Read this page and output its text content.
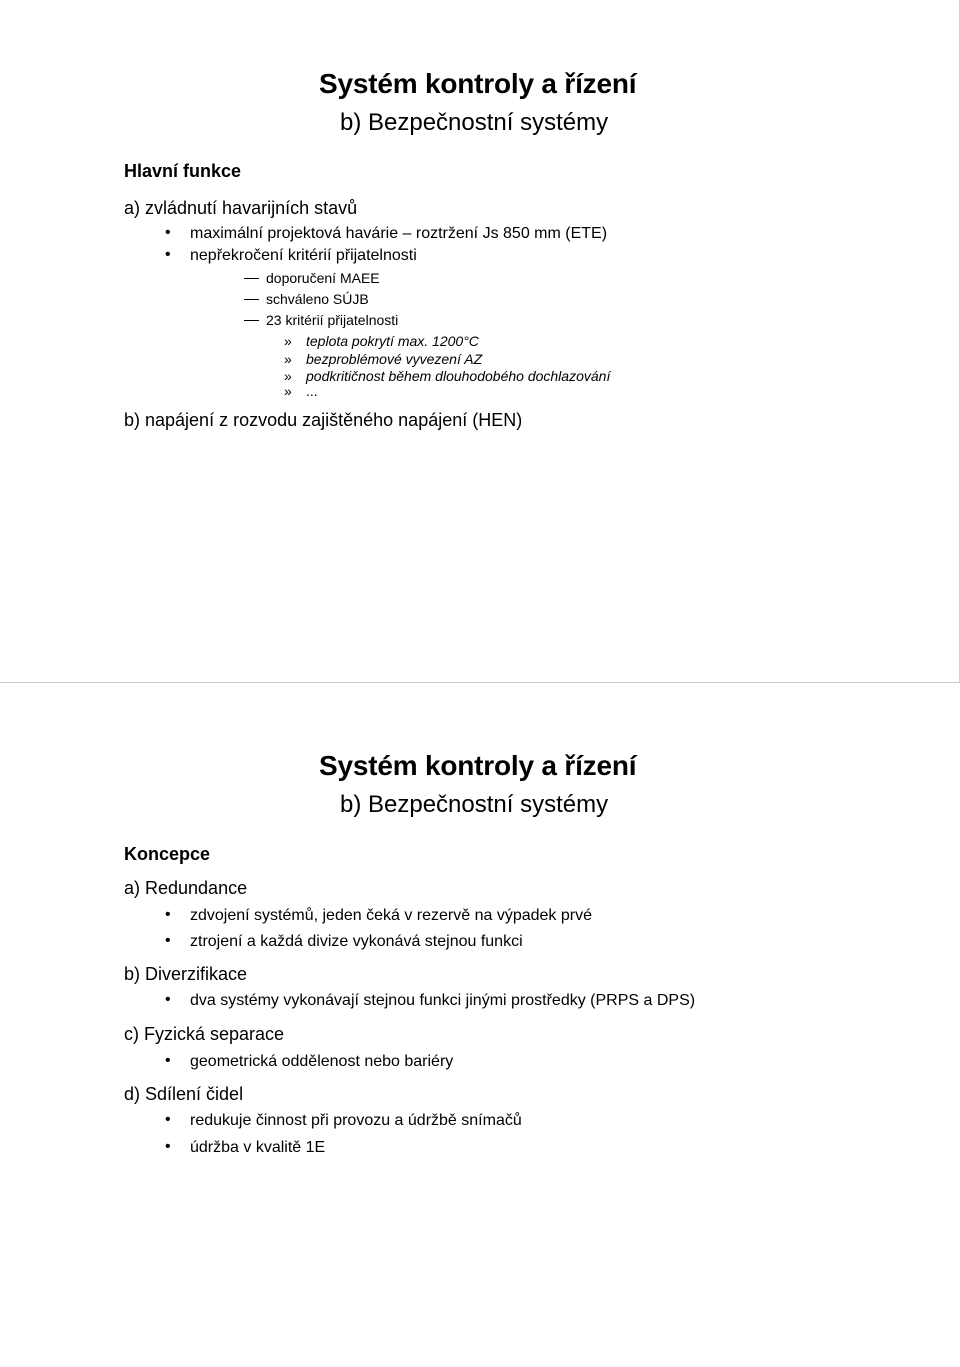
Systém kontroly a řízení
b) Bezpečnostní systémy
Hlavní funkce
a) zvládnutí havarijních stavů
• maximální projektová havárie – roztržení Js 850 mm (ETE)
• nepřekročení kritérií přijatelnosti
doporučení MAEE
schváleno SÚJB
23 kritérií přijatelnosti
» teplota pokrytí max. 1200°C
» bezproblémové vyvezení AZ
» podkritičnost během dlouhodobého dochlazování
» ...
b) napájení z rozvodu zajištěného napájení (HEN)
Systém kontroly a řízení
b) Bezpečnostní systémy
Koncepce
a) Redundance
• zdvojení systémů, jeden čeká v rezervě na výpadek prvé
• ztrojení a každá divize vykonává stejnou funkci
b) Diverzifikace
• dva systémy vykonávají stejnou funkci jinými prostředky (PRPS a DPS)
c) Fyzická separace
• geometrická oddělenost nebo bariéry
d) Sdílení čidel
• redukuje činnost při provozu a údržbě snímačů
• údržba v kvalitě 1E
